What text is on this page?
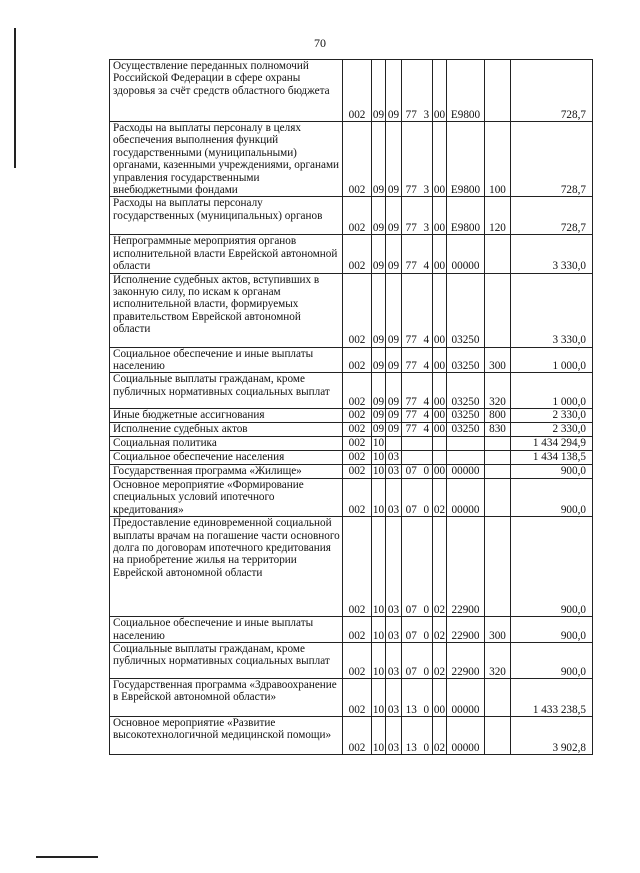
70
Осуществление переданных полномочий Российской Федерации в сфере охраны здоровья за счёт средств областного бюджета	002	09	09	77	3	00	Е9800		728,7
Расходы на выплаты персоналу в целях обеспечения выполнения функций государственными (муниципальными) органами, казенными учреждениями, органами управления государственными внебюджетными фондами	002	09	09	77	3	00	Е9800	100	728,7
Расходы на выплаты персоналу государственных (муниципальных) органов	002	09	09	77	3	00	Е9800	120	728,7
Непрограммные мероприятия органов исполнительной власти Еврейской автономной области	002	09	09	77	4	00	00000		3 330,0
Исполнение судебных актов, вступивших в законную силу, по искам к органам исполнительной власти, формируемых правительством Еврейской автономной области	002	09	09	77	4	00	03250		3 330,0
Социальное обеспечение и иные выплаты населению	002	09	09	77	4	00	03250	300	1 000,0
Социальные выплаты гражданам, кроме публичных нормативных социальных выплат	002	09	09	77	4	00	03250	320	1 000,0
Иные бюджетные ассигнования	002	09	09	77	4	00	03250	800	2 330,0
Исполнение судебных актов	002	09	09	77	4	00	03250	830	2 330,0
Социальная политика	002	10							1 434 294,9
Социальное обеспечение населения	002	10	03						1 434 138,5
Государственная программа «Жилище»	002	10	03	07	0	00	00000		900,0
Основное мероприятие «Формирование специальных условий ипотечного кредитования»	002	10	03	07	0	02	00000		900,0
Предоставление единовременной социальной выплаты врачам на погашение части основного долга по договорам ипотечного кредитования на приобретение жилья на территории Еврейской автономной области	002	10	03	07	0	02	22900		900,0
Социальное обеспечение и иные выплаты населению	002	10	03	07	0	02	22900	300	900,0
Социальные выплаты гражданам, кроме публичных нормативных социальных выплат	002	10	03	07	0	02	22900	320	900,0
Государственная программа «Здравоохранение в Еврейской автономной области»	002	10	03	13	0	00	00000		1 433 238,5
Основное мероприятие «Развитие высокотехнологичной медицинской помощи»	002	10	03	13	0	02	00000		3 902,8
